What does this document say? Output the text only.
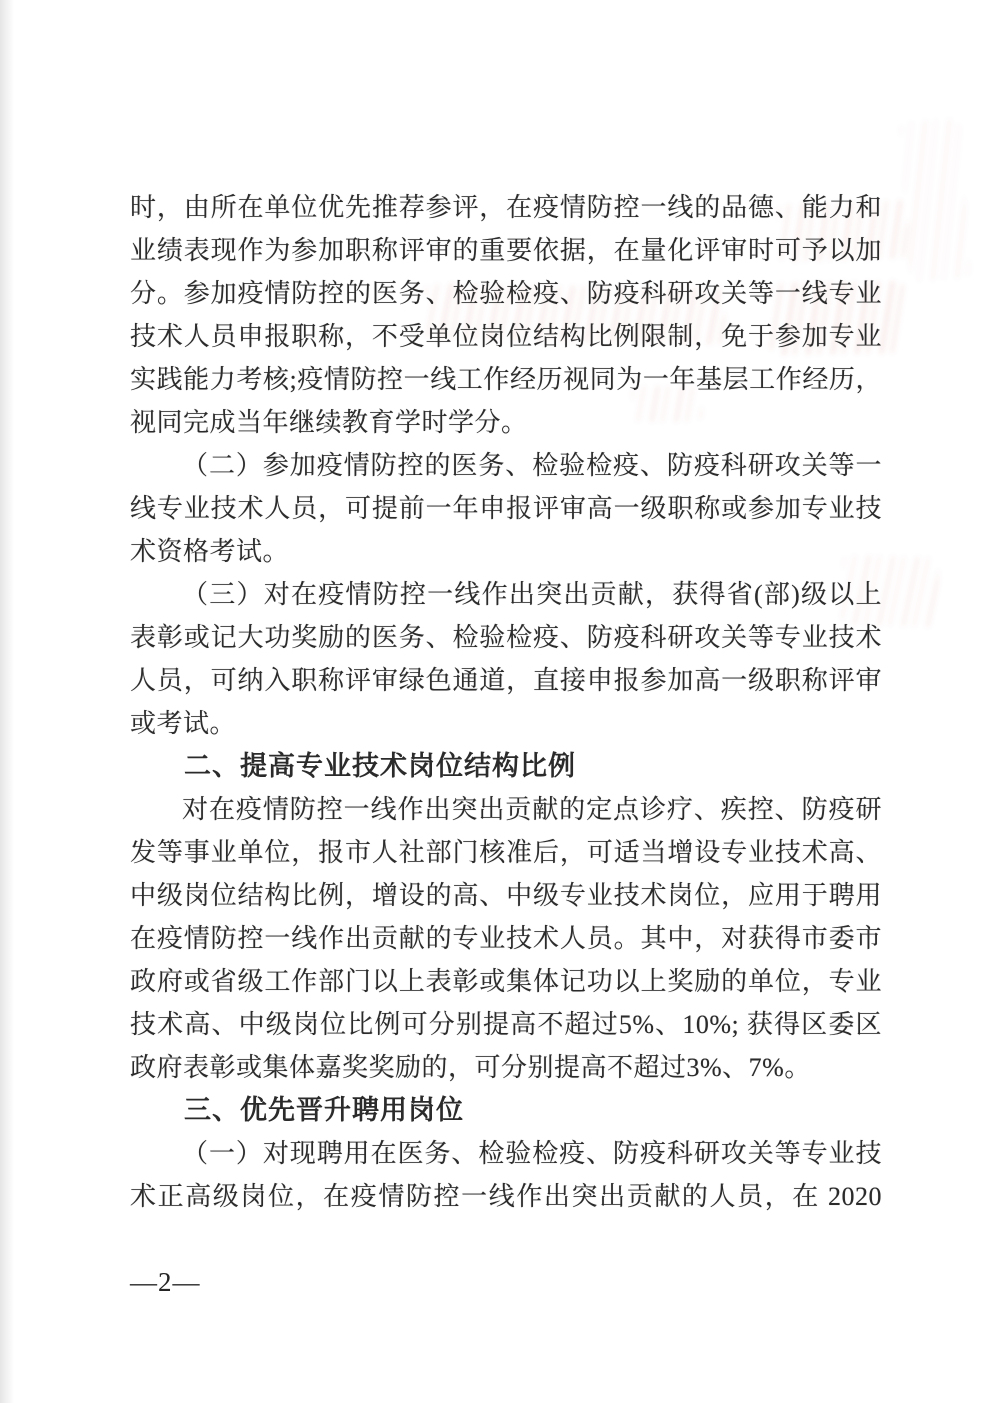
时，由所在单位优先推荐参评，在疫情防控一线的品德、能力和
业绩表现作为参加职称评审的重要依据，在量化评审时可予以加
分。参加疫情防控的医务、检验检疫、防疫科研攻关等一线专业
技术人员申报职称，不受单位岗位结构比例限制，免于参加专业
实践能力考核;疫情防控一线工作经历视同为一年基层工作经历，
视同完成当年继续教育学时学分。
（二）参加疫情防控的医务、检验检疫、防疫科研攻关等一
线专业技术人员，可提前一年申报评审高一级职称或参加专业技
术资格考试。
（三）对在疫情防控一线作出突出贡献，获得省(部)级以上
表彰或记大功奖励的医务、检验检疫、防疫科研攻关等专业技术
人员，可纳入职称评审绿色通道，直接申报参加高一级职称评审
或考试。
二、提高专业技术岗位结构比例
对在疫情防控一线作出突出贡献的定点诊疗、疾控、防疫研
发等事业单位，报市人社部门核准后，可适当增设专业技术高、
中级岗位结构比例，增设的高、中级专业技术岗位，应用于聘用
在疫情防控一线作出贡献的专业技术人员。其中，对获得市委市
政府或省级工作部门以上表彰或集体记功以上奖励的单位，专业
技术高、中级岗位比例可分别提高不超过5%、10%; 获得区委区
政府表彰或集体嘉奖奖励的，可分别提高不超过3%、7%。
三、优先晋升聘用岗位
（一）对现聘用在医务、检验检疫、防疫科研攻关等专业技
术正高级岗位，在疫情防控一线作出突出贡献的人员，在 2020
—2—
